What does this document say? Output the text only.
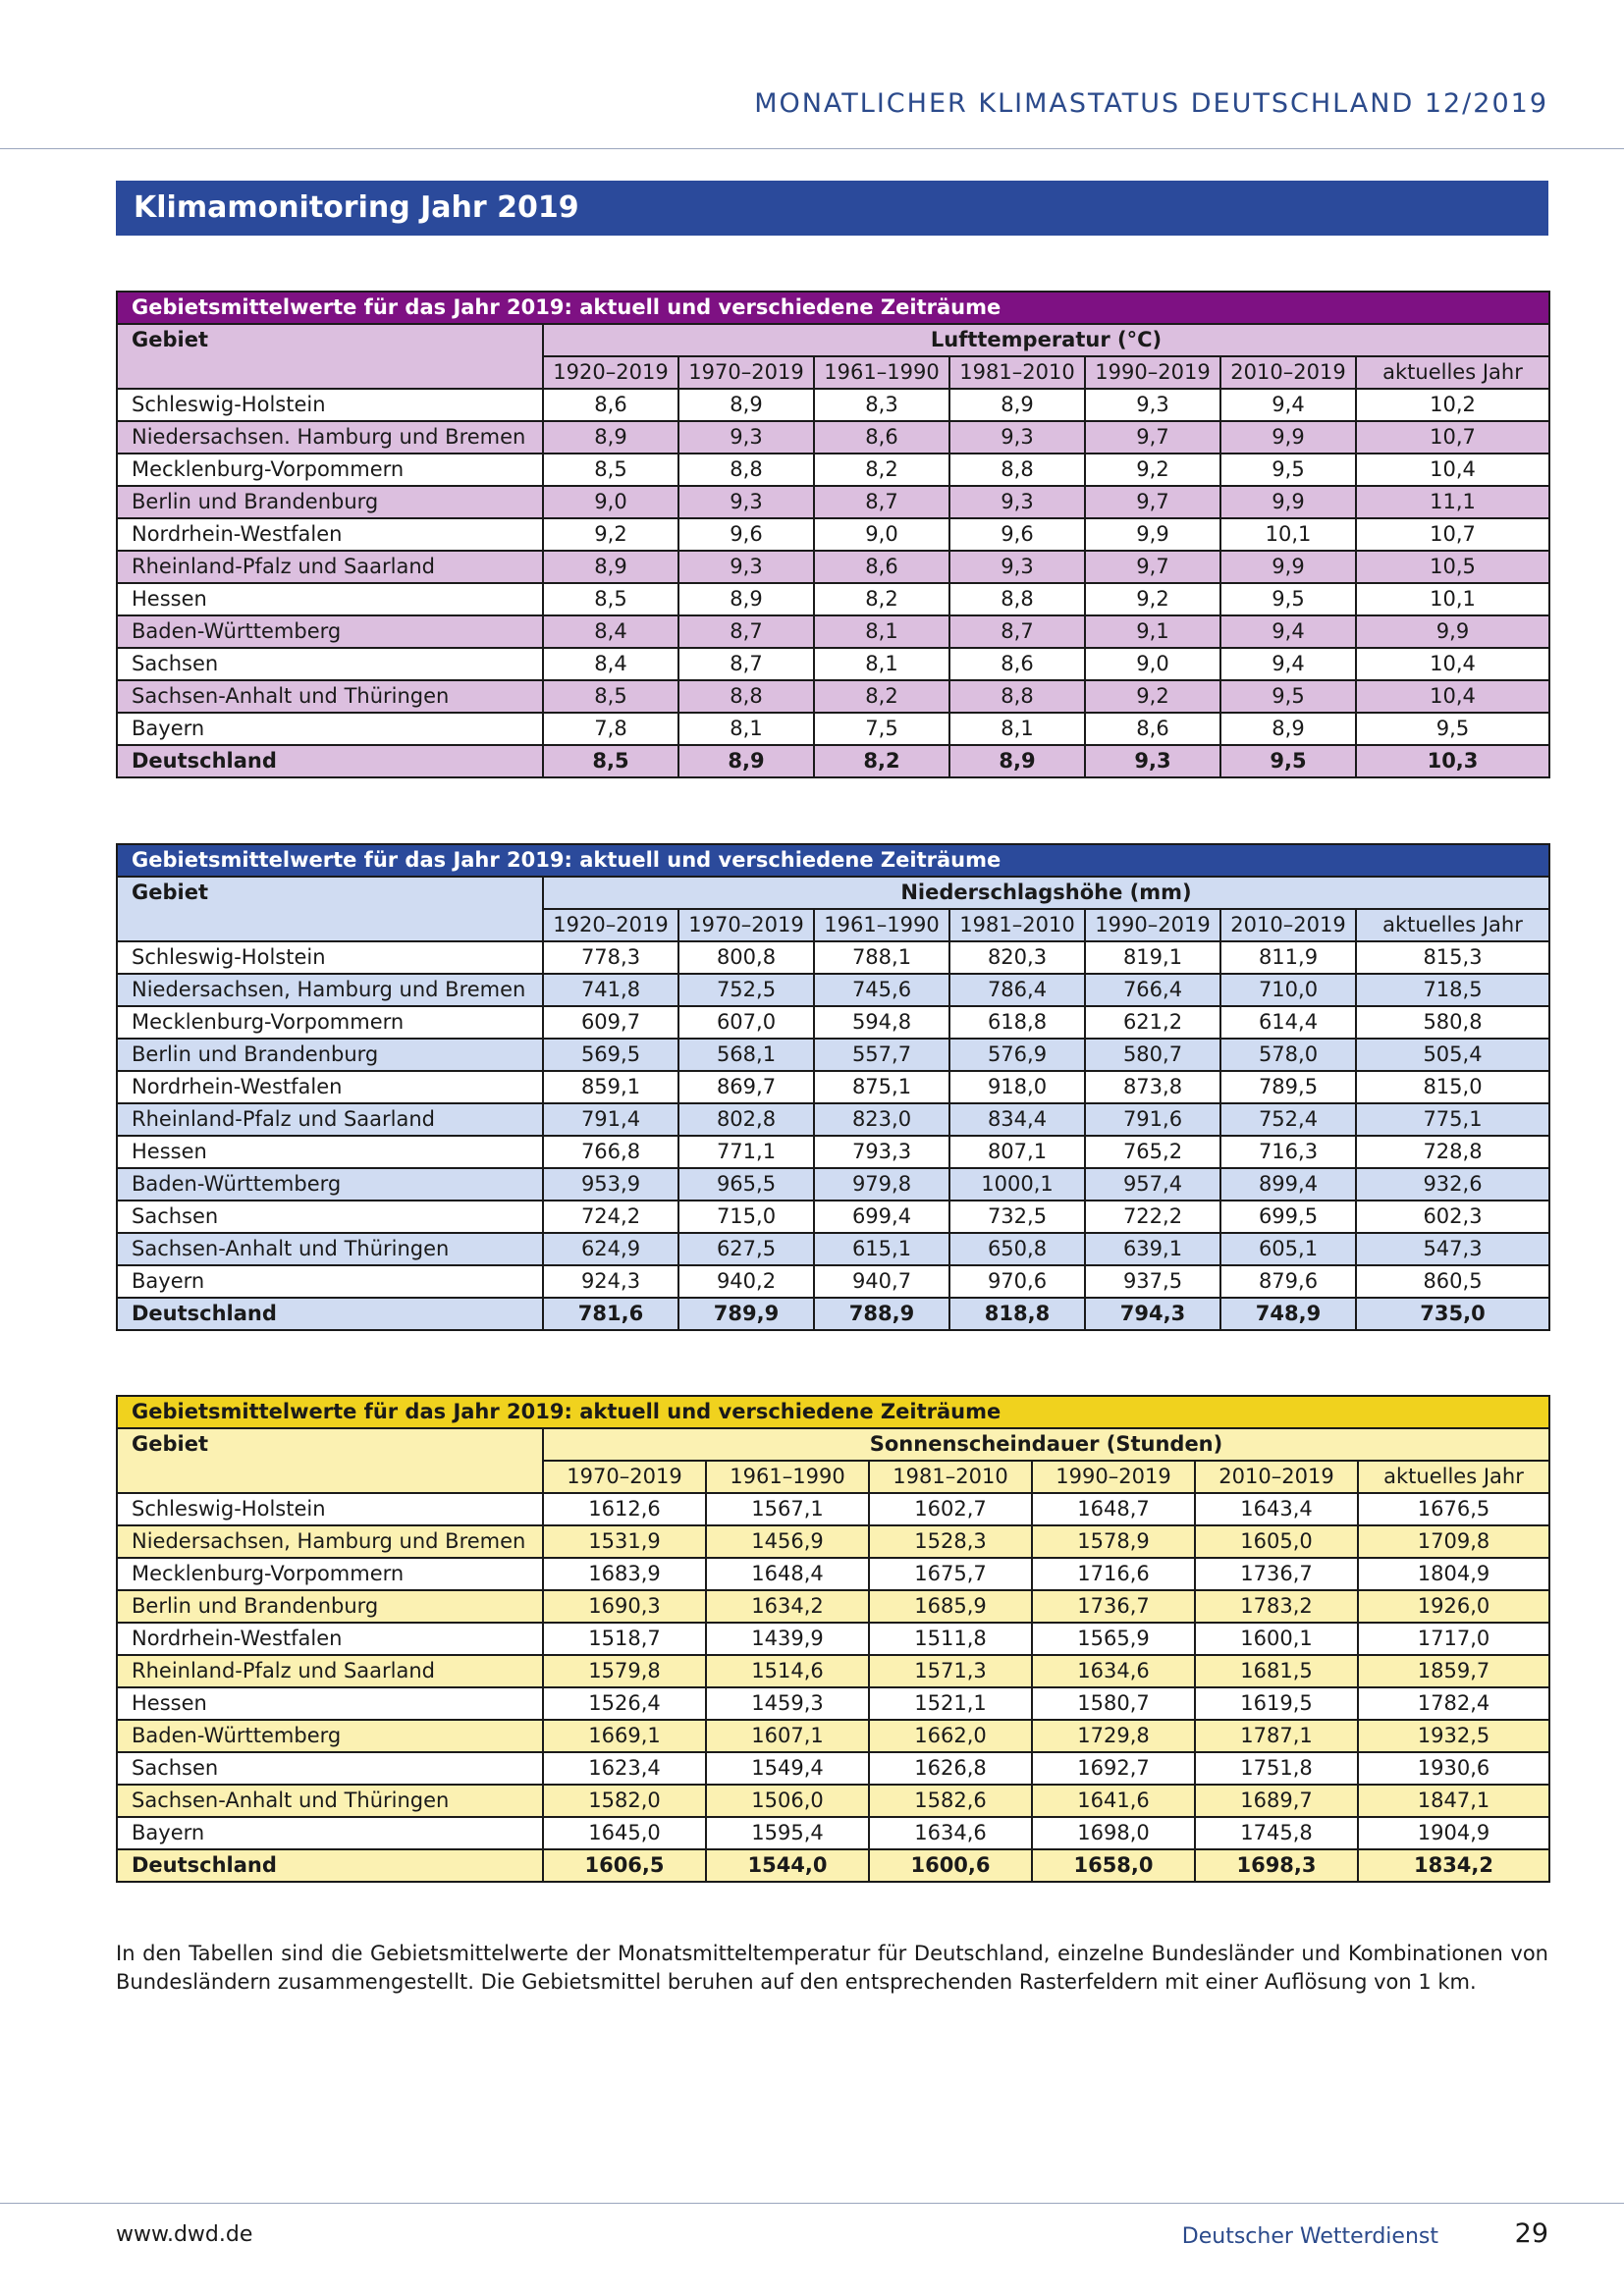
MONATLICHER KLIMASTATUS DEUTSCHLAND 12/2019
Klimamonitoring Jahr 2019
Gebietsmittelwerte für das Jahr 2019: aktuell und verschiedene Zeiträume							
Gebiet	Lufttemperatur (°C)						
	1920–2019	1970–2019	1961–1990	1981–2010	1990–2019	2010–2019	aktuelles Jahr
Schleswig-Holstein	8,6	8,9	8,3	8,9	9,3	9,4	10,2
Niedersachsen. Hamburg und Bremen	8,9	9,3	8,6	9,3	9,7	9,9	10,7
Mecklenburg-Vorpommern	8,5	8,8	8,2	8,8	9,2	9,5	10,4
Berlin und Brandenburg	9,0	9,3	8,7	9,3	9,7	9,9	11,1
Nordrhein-Westfalen	9,2	9,6	9,0	9,6	9,9	10,1	10,7
Rheinland-Pfalz und Saarland	8,9	9,3	8,6	9,3	9,7	9,9	10,5
Hessen	8,5	8,9	8,2	8,8	9,2	9,5	10,1
Baden-Württemberg	8,4	8,7	8,1	8,7	9,1	9,4	9,9
Sachsen	8,4	8,7	8,1	8,6	9,0	9,4	10,4
Sachsen-Anhalt und Thüringen	8,5	8,8	8,2	8,8	9,2	9,5	10,4
Bayern	7,8	8,1	7,5	8,1	8,6	8,9	9,5
Deutschland	8,5	8,9	8,2	8,9	9,3	9,5	10,3
Gebietsmittelwerte für das Jahr 2019: aktuell und verschiedene Zeiträume							
Gebiet	Niederschlagshöhe (mm)						
	1920–2019	1970–2019	1961–1990	1981–2010	1990–2019	2010–2019	aktuelles Jahr
Schleswig-Holstein	778,3	800,8	788,1	820,3	819,1	811,9	815,3
Niedersachsen, Hamburg und Bremen	741,8	752,5	745,6	786,4	766,4	710,0	718,5
Mecklenburg-Vorpommern	609,7	607,0	594,8	618,8	621,2	614,4	580,8
Berlin und Brandenburg	569,5	568,1	557,7	576,9	580,7	578,0	505,4
Nordrhein-Westfalen	859,1	869,7	875,1	918,0	873,8	789,5	815,0
Rheinland-Pfalz und Saarland	791,4	802,8	823,0	834,4	791,6	752,4	775,1
Hessen	766,8	771,1	793,3	807,1	765,2	716,3	728,8
Baden-Württemberg	953,9	965,5	979,8	1000,1	957,4	899,4	932,6
Sachsen	724,2	715,0	699,4	732,5	722,2	699,5	602,3
Sachsen-Anhalt und Thüringen	624,9	627,5	615,1	650,8	639,1	605,1	547,3
Bayern	924,3	940,2	940,7	970,6	937,5	879,6	860,5
Deutschland	781,6	789,9	788,9	818,8	794,3	748,9	735,0
Gebietsmittelwerte für das Jahr 2019: aktuell und verschiedene Zeiträume						
Gebiet	Sonnenscheindauer (Stunden)					
	1970–2019	1961–1990	1981–2010	1990–2019	2010–2019	aktuelles Jahr
Schleswig-Holstein	1612,6	1567,1	1602,7	1648,7	1643,4	1676,5
Niedersachsen, Hamburg und Bremen	1531,9	1456,9	1528,3	1578,9	1605,0	1709,8
Mecklenburg-Vorpommern	1683,9	1648,4	1675,7	1716,6	1736,7	1804,9
Berlin und Brandenburg	1690,3	1634,2	1685,9	1736,7	1783,2	1926,0
Nordrhein-Westfalen	1518,7	1439,9	1511,8	1565,9	1600,1	1717,0
Rheinland-Pfalz und Saarland	1579,8	1514,6	1571,3	1634,6	1681,5	1859,7
Hessen	1526,4	1459,3	1521,1	1580,7	1619,5	1782,4
Baden-Württemberg	1669,1	1607,1	1662,0	1729,8	1787,1	1932,5
Sachsen	1623,4	1549,4	1626,8	1692,7	1751,8	1930,6
Sachsen-Anhalt und Thüringen	1582,0	1506,0	1582,6	1641,6	1689,7	1847,1
Bayern	1645,0	1595,4	1634,6	1698,0	1745,8	1904,9
Deutschland	1606,5	1544,0	1600,6	1658,0	1698,3	1834,2
In den Tabellen sind die Gebietsmittelwerte der Monatsmitteltemperatur für Deutschland, einzelne Bundesländer und Kombinationen von Bundesländern zusammengestellt. Die Gebietsmittel beruhen auf den entsprechenden Rasterfeldern mit einer Auflösung von 1 km.
www.dwd.de	Deutscher Wetterdienst	29
